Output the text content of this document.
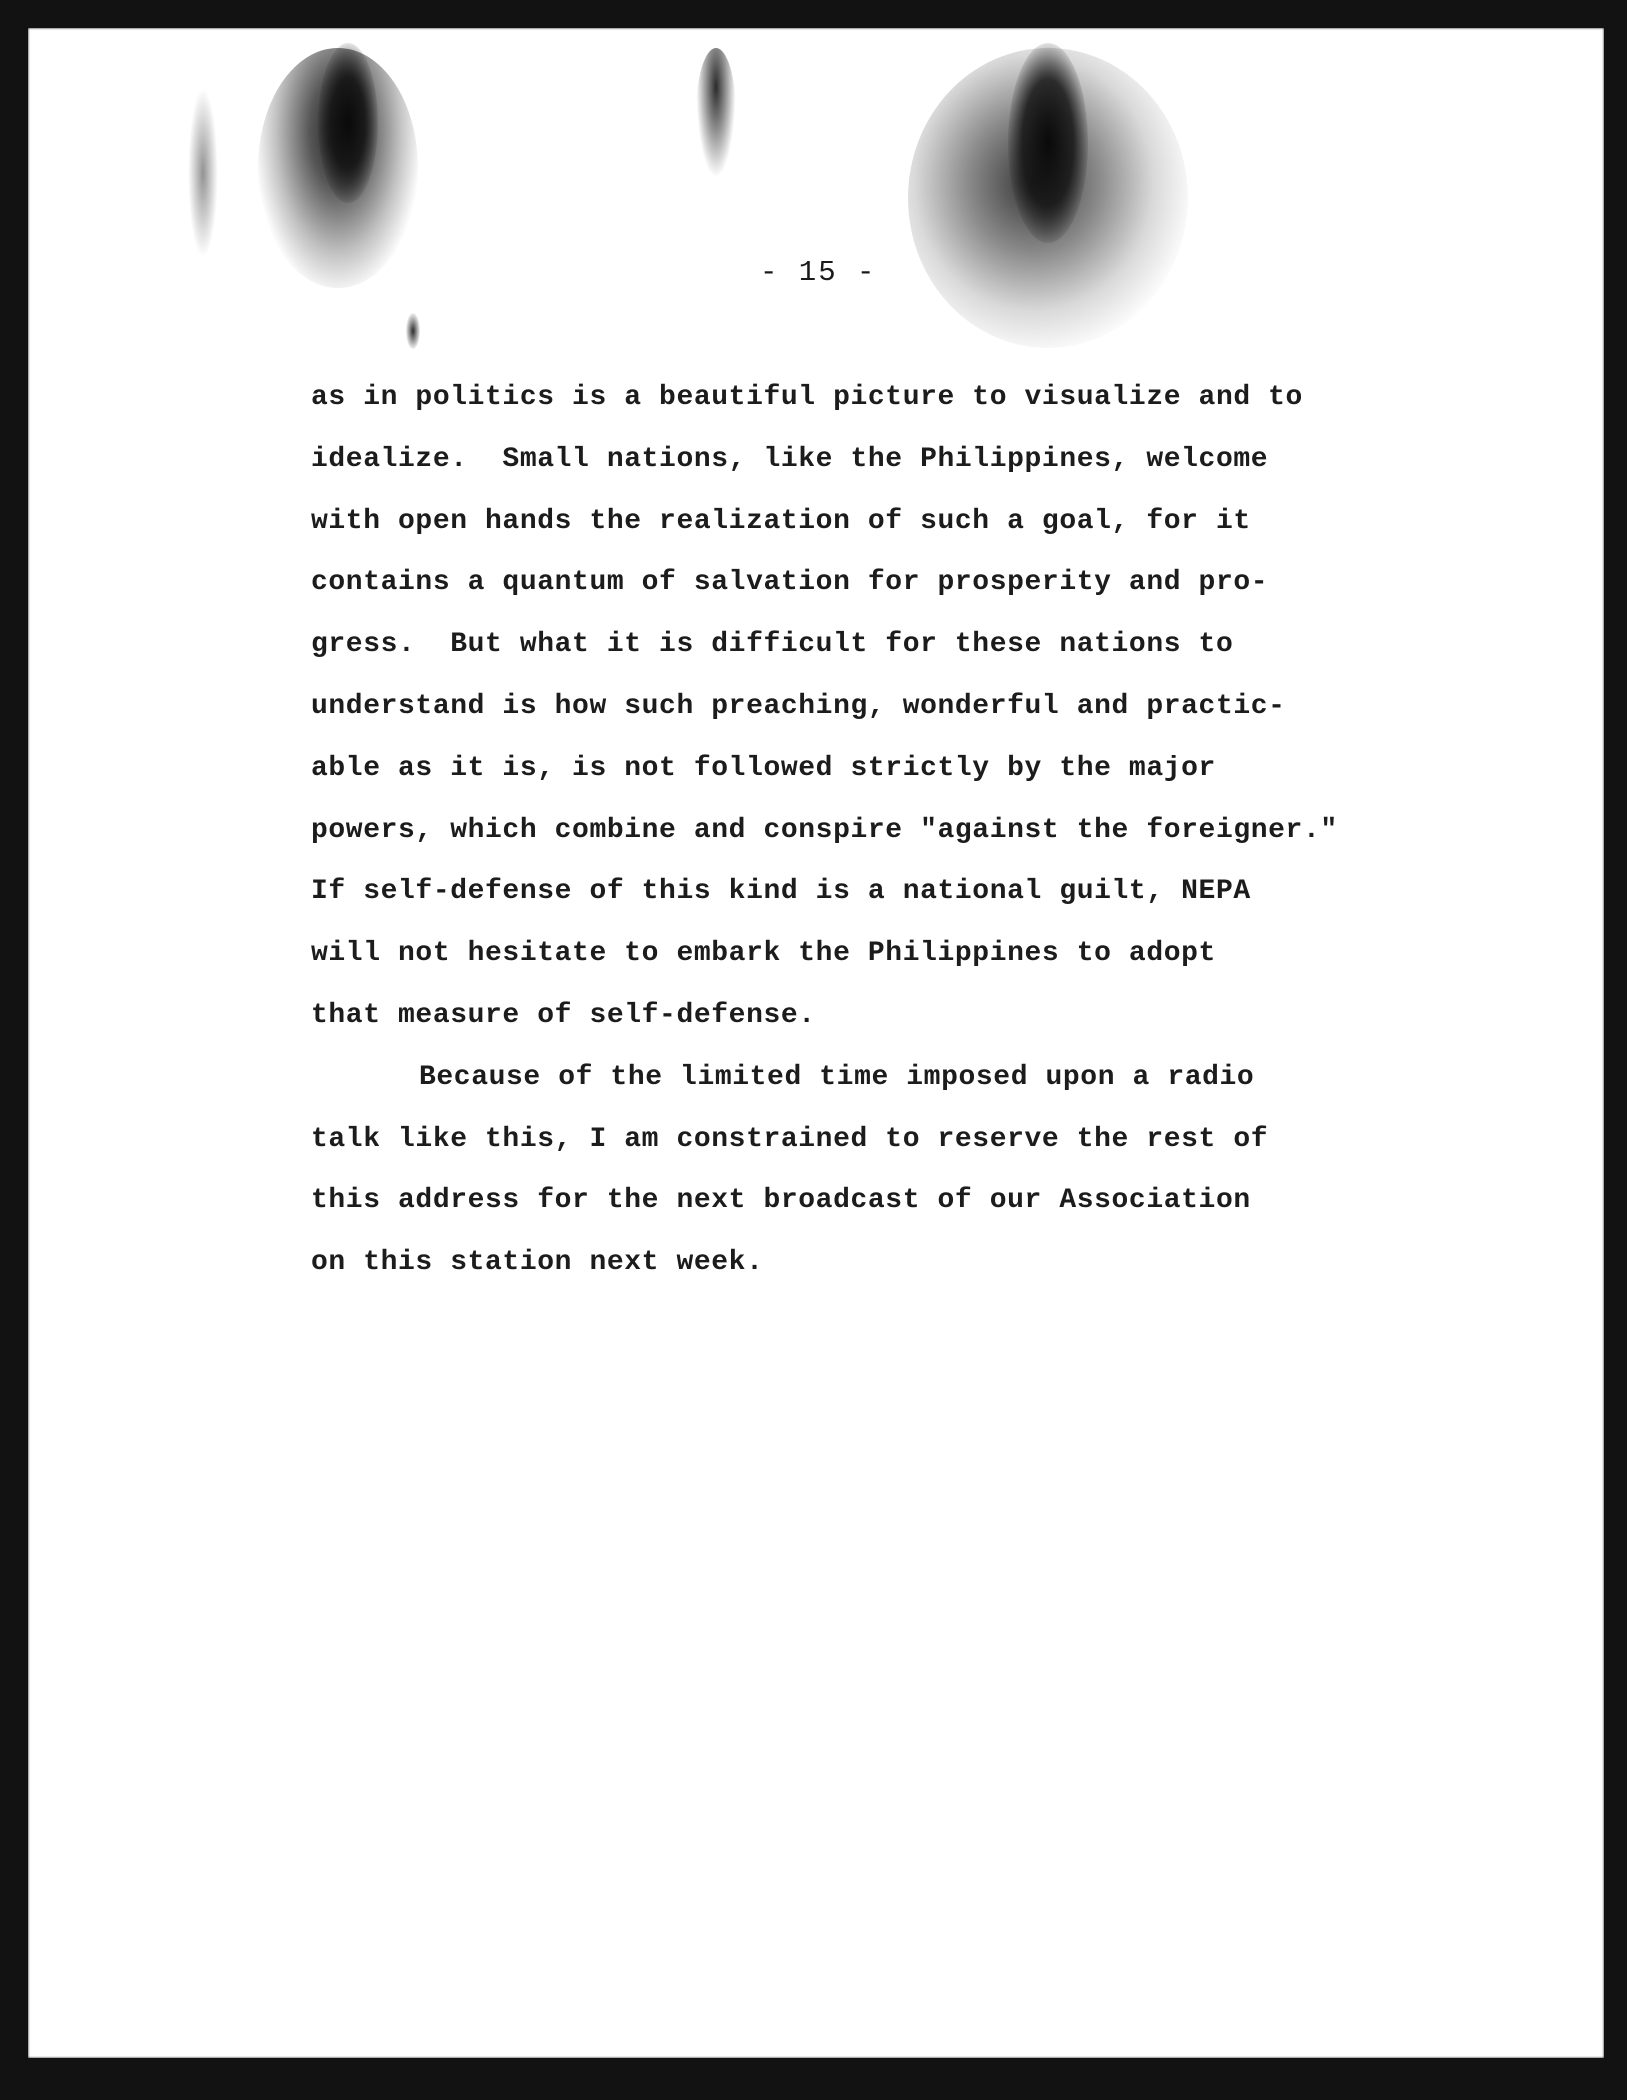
- 15 -
as in politics is a beautiful picture to visualize and to
idealize.  Small nations, like the Philippines, welcome
with open hands the realization of such a goal, for it
contains a quantum of salvation for prosperity and pro-
gress.  But what it is difficult for these nations to
understand is how such preaching, wonderful and practic-
able as it is, is not followed strictly by the major
powers, which combine and conspire "against the foreigner."
If self-defense of this kind is a national guilt, NEPA
will not hesitate to embark the Philippines to adopt
that measure of self-defense.
Because of the limited time imposed upon a radio
talk like this, I am constrained to reserve the rest of
this address for the next broadcast of our Association
on this station next week.
